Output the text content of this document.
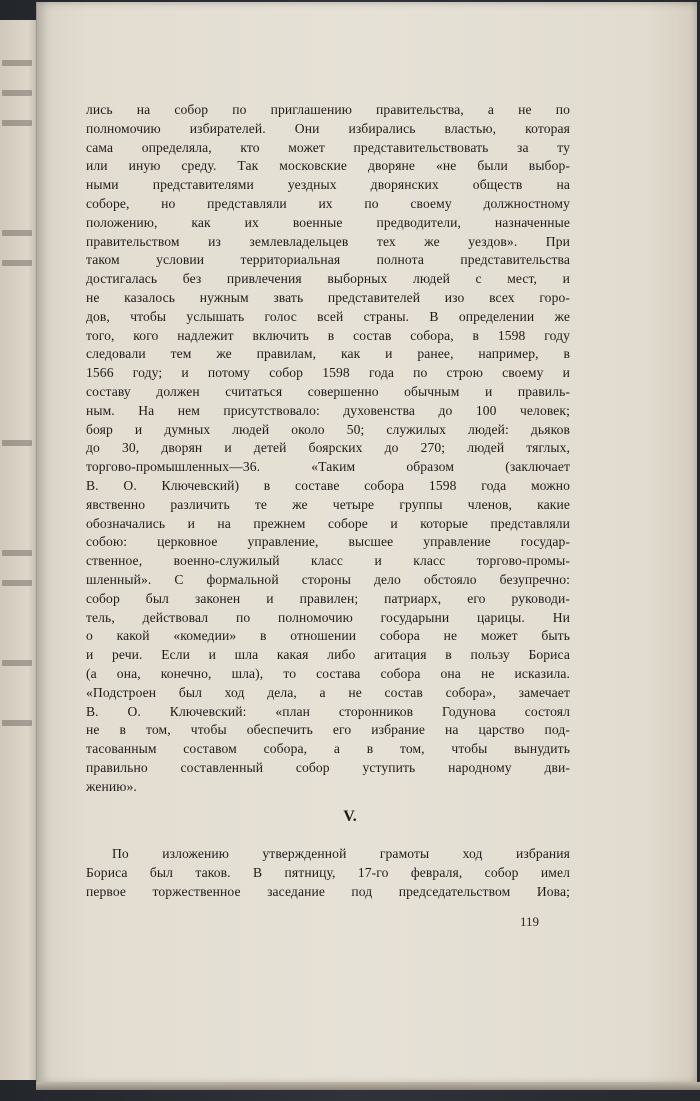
лись на собор по приглашению правительства, а не по
полномочию избирателей. Они избирались властью, которая
сама определяла, кто может представительствовать за ту
или иную среду. Так московские дворяне «не были выбор-
ными представителями уездных дворянских обществ на
соборе, но представляли их по своему должностному
положению, как их военные предводители, назначенные
правительством из землевладельцев тех же уездов». При
таком условии территориальная полнота представительства
достигалась без привлечения выборных людей с мест, и
не казалось нужным звать представителей изо всех горо-
дов, чтобы услышать голос всей страны. В определении же
того, кого надлежит включить в состав собора, в 1598 году
следовали тем же правилам, как и ранее, например, в
1566 году; и потому собор 1598 года по строю своему и
составу должен считаться совершенно обычным и правиль-
ным. На нем присутствовало: духовенства до 100 человек;
бояр и думных людей около 50; служилых людей: дьяков
до 30, дворян и детей боярских до 270; людей тяглых,
торгово-промышленных—36. «Таким образом (заключает
В. О. Ключевский) в составе собора 1598 года можно
явственно различить те же четыре группы членов, какие
обозначались и на прежнем соборе и которые представляли
собою: церковное управление, высшее управление государ-
ственное, военно-служилый класс и класс торгово-промы-
шленный». С формальной стороны дело обстояло безупречно:
собор был законен и правилен; патриарх, его руководи-
тель, действовал по полномочию государыни царицы. Ни
о какой «комедии» в отношении собора не может быть
и речи. Если и шла какая либо агитация в пользу Бориса
(а она, конечно, шла), то состава собора она не исказила.
«Подстроен был ход дела, а не состав собора», замечает
В. О. Ключевский: «план сторонников Годунова состоял
не в том, чтобы обеспечить его избрание на царство под-
тасованным составом собора, а в том, чтобы вынудить
правильно составленный собор уступить народному дви-
жению».
V.
По изложению утвержденной грамоты ход избрания
Бориса был таков. В пятницу, 17-го февраля, собор имел
первое торжественное заседание под председательством Иова;
119
